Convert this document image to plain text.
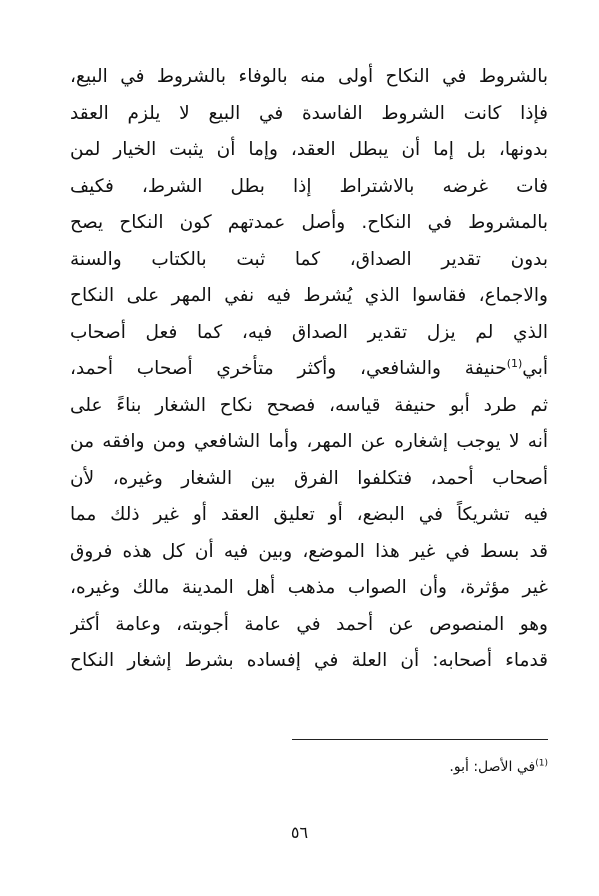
بالشروط في النكاح أولى منه بالوفاء بالشروط في البيع،
فإذا كانت الشروط الفاسدة في البيع لا يلزم العقد
بدونها، بل إما أن يبطل العقد، وإما أن يثبت الخيار لمن
فات غرضه بالاشتراط إذا بطل الشرط، فكيف
بالمشروط في النكاح. وأصل عمدتهم كون النكاح يصح
بدون تقدير الصداق، كما ثبت بالكتاب والسنة
والاجماع، فقاسوا الذي يُشرط فيه نفي المهر على النكاح
الذي لم يزل تقدير الصداق فيه، كما فعل أصحاب
أبي$^{(1)}$حنيفة والشافعي، وأكثر متأخري أصحاب أحمد،
ثم طرد أبو حنيفة قياسه، فصحح نكاح الشغار بناءً على
أنه لا يوجب إشغاره عن المهر، وأما الشافعي ومن وافقه من
أصحاب أحمد، فتكلفوا الفرق بين الشغار وغيره، لأن
فيه تشريكاً في البضع، أو تعليق العقد أو غير ذلك مما
قد بسط في غير هذا الموضع، وبين فيه أن كل هذه فروق
غير مؤثرة، وأن الصواب مذهب أهل المدينة مالك وغيره،
وهو المنصوص عن أحمد في عامة أجوبته، وعامة أكثر
قدماء أصحابه: أن العلة في إفساده بشرط إشغار النكاح
$^{(1)}$في الأصل: أبو.
٥٦
